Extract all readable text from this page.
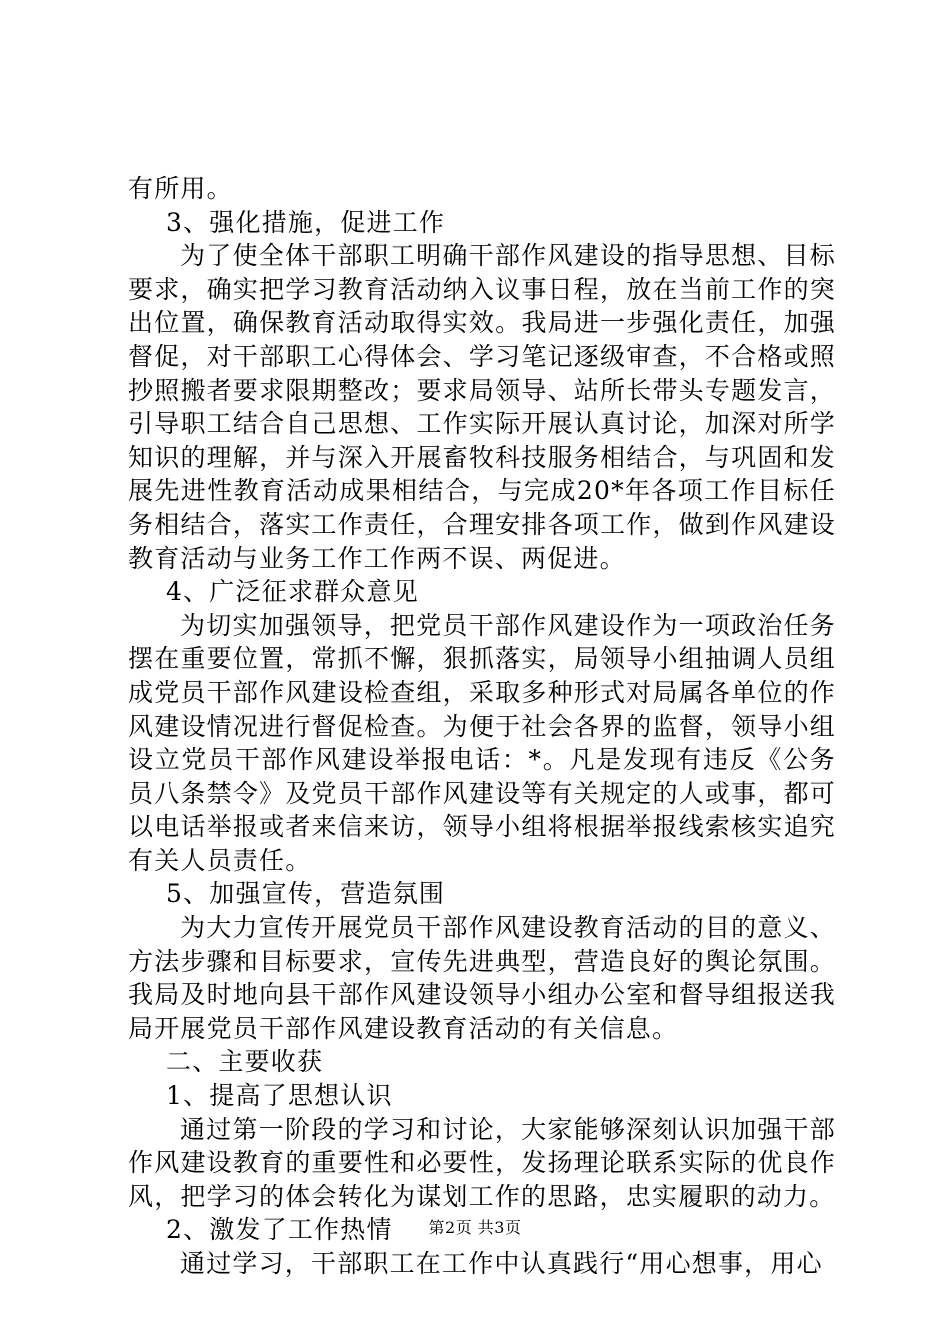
有所用。

3、强化措施，促进工作

为了使全体干部职工明确干部作风建设的指导思想、目标要求，确实把学习教育活动纳入议事日程，放在当前工作的突出位置，确保教育活动取得实效。我局进一步强化责任，加强督促，对干部职工心得体会、学习笔记逐级审查，不合格或照抄照搬者要求限期整改；要求局领导、站所长带头专题发言，引导职工结合自己思想、工作实际开展认真讨论，加深对所学知识的理解，并与深入开展畜牧科技服务相结合，与巩固和发展先进性教育活动成果相结合，与完成20*年各项工作目标任务相结合，落实工作责任，合理安排各项工作，做到作风建设教育活动与业务工作工作两不误、两促进。

4、广泛征求群众意见

为切实加强领导，把党员干部作风建设作为一项政治任务摆在重要位置，常抓不懈，狠抓落实，局领导小组抽调人员组成党员干部作风建设检查组，采取多种形式对局属各单位的作风建设情况进行督促检查。为便于社会各界的监督，领导小组设立党员干部作风建设举报电话：*。凡是发现有违反《公务员八条禁令》及党员干部作风建设等有关规定的人或事，都可以电话举报或者来信来访，领导小组将根据举报线索核实追究有关人员责任。

5、加强宣传，营造氛围

为大力宣传开展党员干部作风建设教育活动的目的意义、方法步骤和目标要求，宣传先进典型，营造良好的舆论氛围。我局及时地向县干部作风建设领导小组办公室和督导组报送我局开展党员干部作风建设教育活动的有关信息。

二、主要收获

1、提高了思想认识

通过第一阶段的学习和讨论，大家能够深刻认识加强干部作风建设教育的重要性和必要性，发扬理论联系实际的优良作风，把学习的体会转化为谋划工作的思路，忠实履职的动力。

2、激发了工作热情

通过学习，干部职工在工作中认真践行“用心想事，用心

第2页 共3页
